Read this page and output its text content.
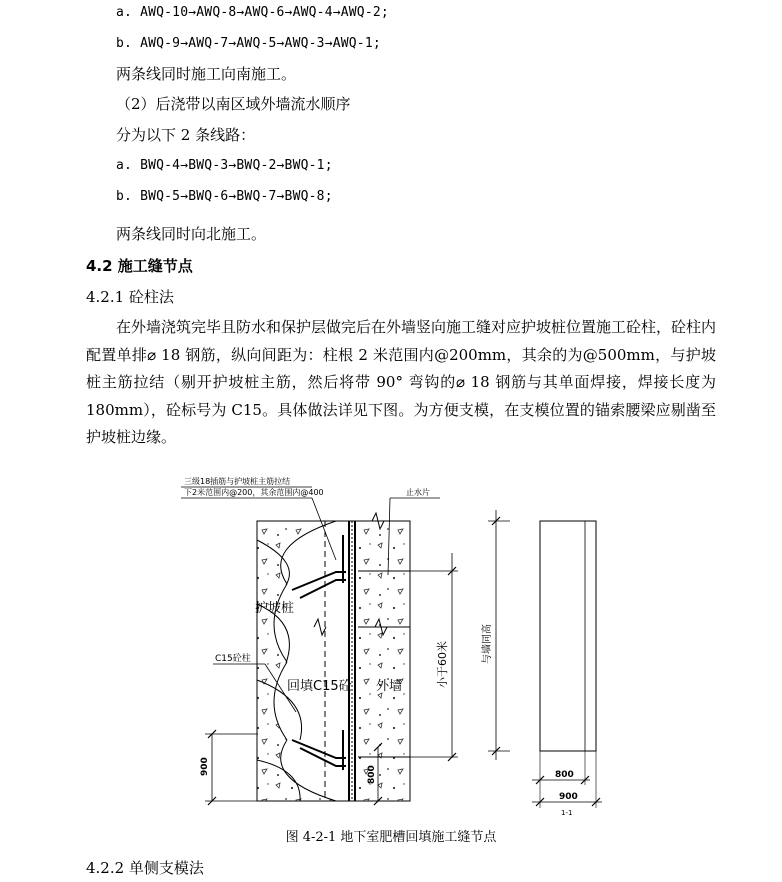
a. AWQ-10→AWQ-8→AWQ-6→AWQ-4→AWQ-2;
b. AWQ-9→AWQ-7→AWQ-5→AWQ-3→AWQ-1;
两条线同时施工向南施工。
（2）后浇带以南区域外墙流水顺序
分为以下 2 条线路：
a. BWQ-4→BWQ-3→BWQ-2→BWQ-1;
b. BWQ-5→BWQ-6→BWQ-7→BWQ-8;
两条线同时向北施工。
4.2 施工缝节点
4.2.1 砼柱法
在外墙浇筑完毕且防水和保护层做完后在外墙竖向施工缝对应护坡桩位置施工砼柱，砼柱内配置单排⌀ 18 钢筋，纵向间距为：柱根 2 米范围内@200mm，其余的为@500mm，与护坡桩主筋拉结（剔开护坡桩主筋，然后将带 90° 弯钩的⌀ 18 钢筋与其单面焊接，焊接长度为 180mm），砼标号为 C15。具体做法详见下图。为方便支模，在支模位置的锚索腰梁应剔凿至护坡桩边缘。
三级18插筋与护坡桩主筋拉结
下2米范围内@200，其余范围内@400	止水片
护坡桩
C15砼柱
回填C15砼 外墙	小于60米	与墙同高
900	800	800
900
1-1
图 4-2-1 地下室肥槽回填施工缝节点
4.2.2 单侧支模法
